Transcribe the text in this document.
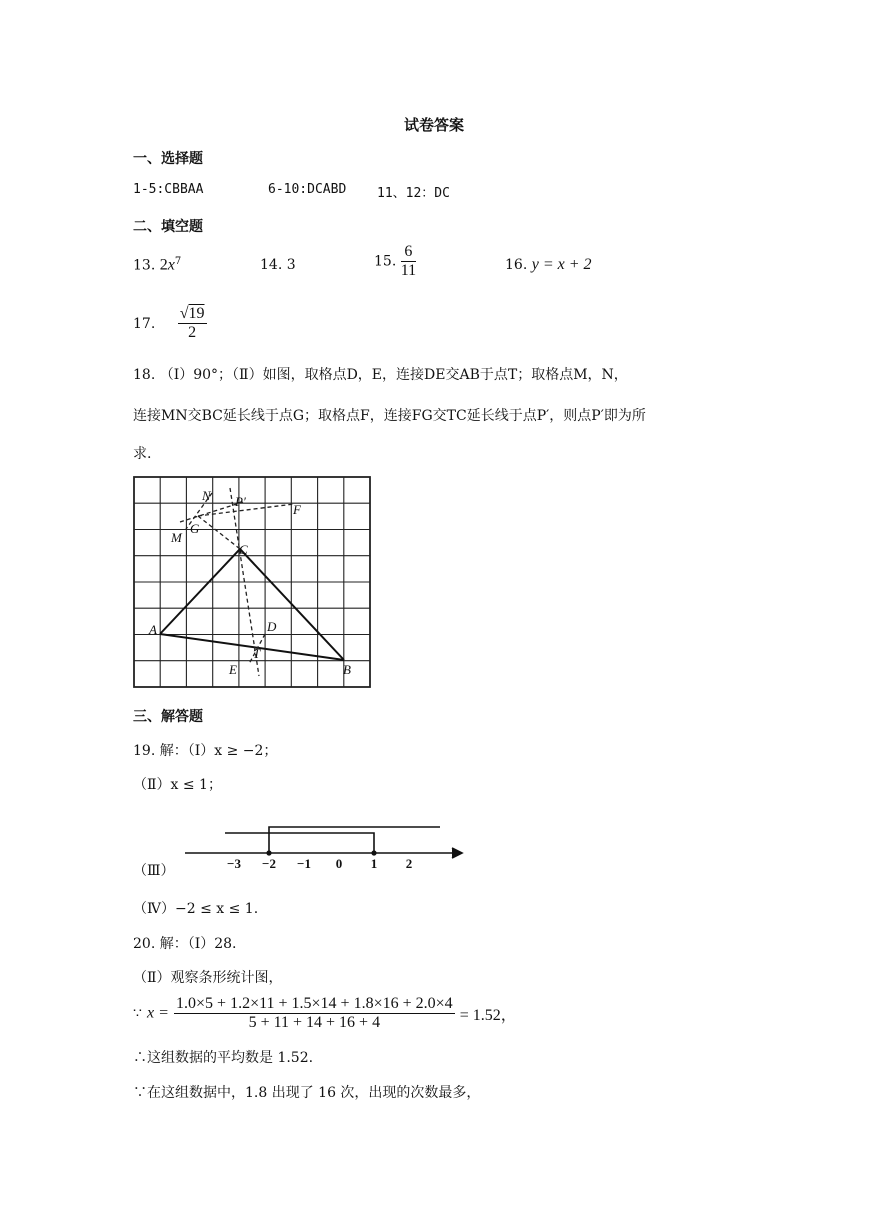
试卷答案
一、选择题
1-5:CBBAA	6-10:DCABD 11、12：DC
二、填空题
13. $2x^7$	14. 3	15. $\frac{6}{11}$	16. y = x + 2
17. $\frac{√19}{2}$
18. （Ⅰ）90°；（Ⅱ）如图，取格点D，E，连接DE交AB于点T；取格点M，N，
连接MN交BC延长线于点G；取格点F，连接FG交TC延长线于点P′，则点P′即为所
求.
N P′
F
M
G
C
A	D
T
E	B
三、解答题
19. 解：（Ⅰ）x ≥ −2；
（Ⅱ）x ≤ 1；
（Ⅲ）	−3 −2 −1 0 1 2
（Ⅳ）−2 ≤ x ≤ 1.
20. 解：（Ⅰ）28.
（Ⅱ）观察条形统计图，
∵ $x = \frac{1.0\times 5 + 1.2\times 11 + 1.5\times 14 + 1.8\times 16 + 2.0\times 4}{5 + 11 + 14 + 16 + 4} = 1.52$，
∴这组数据的平均数是 1.52.
∵在这组数据中，1.8 出现了 16 次，出现的次数最多，
